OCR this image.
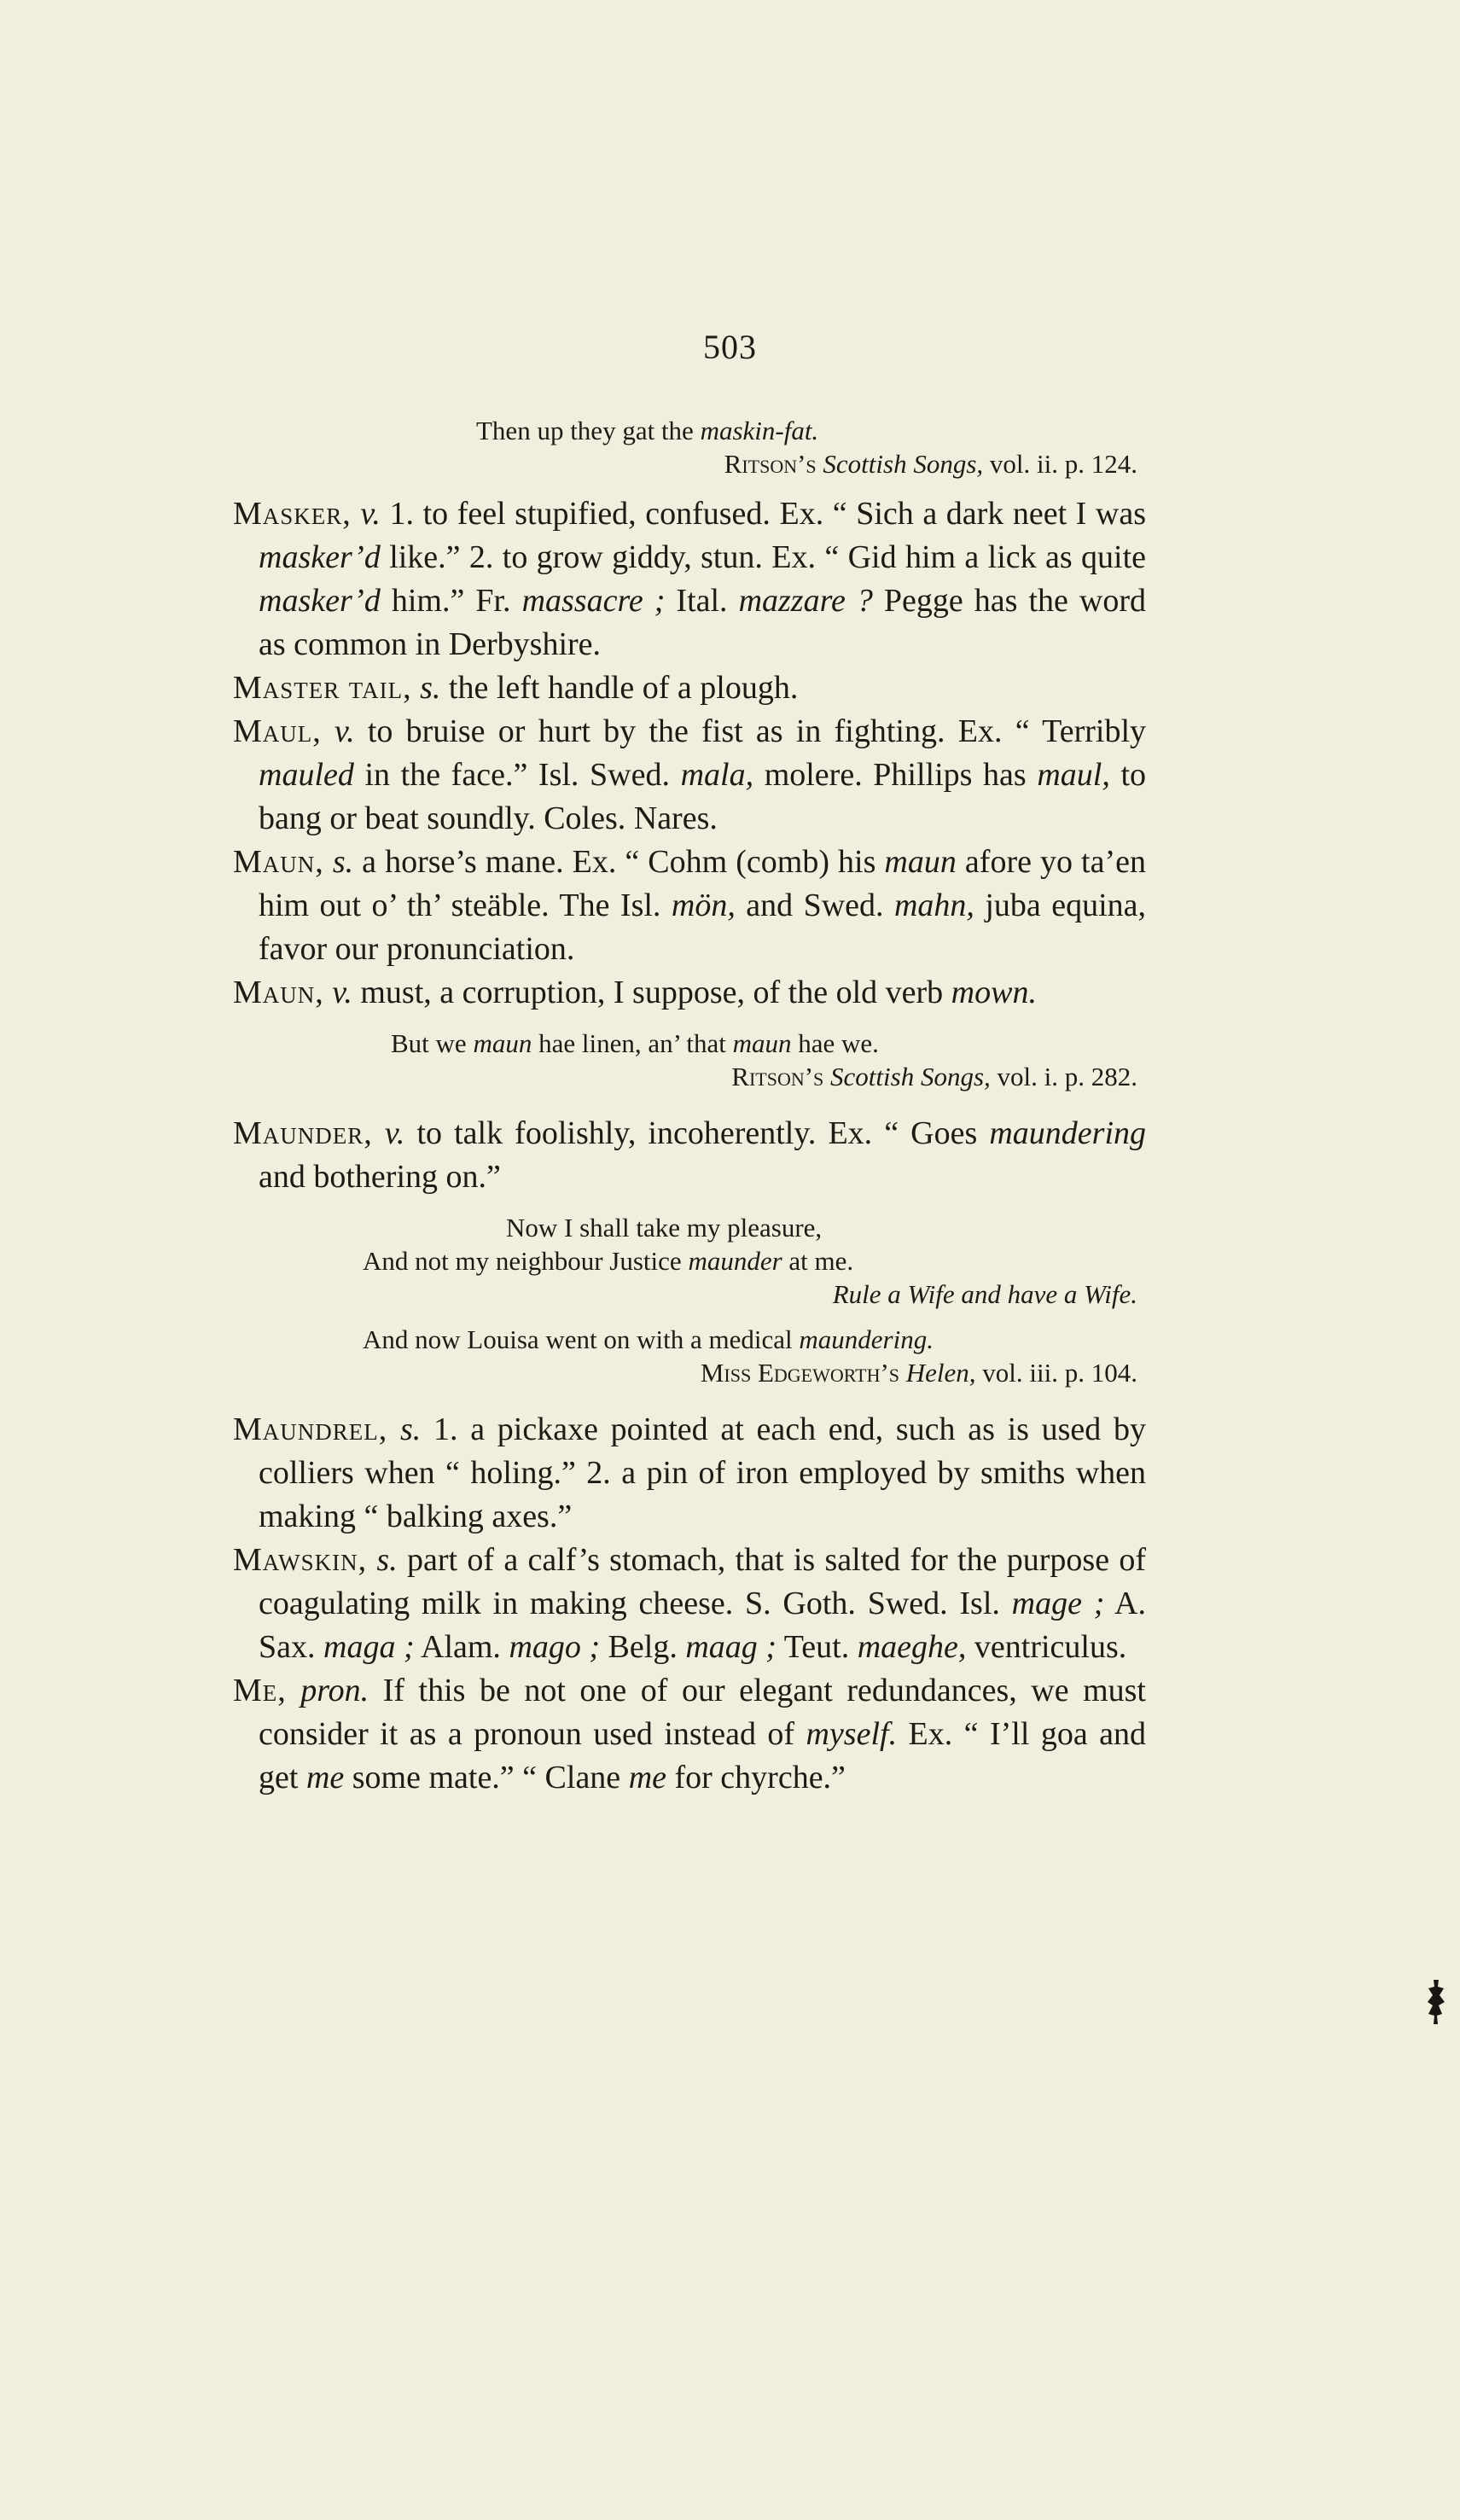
503
Then up they gat the maskin-fat.
Ritson’s Scottish Songs, vol. ii. p. 124.

Masker, v. 1. to feel stupified, confused. Ex. “ Sich a dark neet I was masker’d like.” 2. to grow giddy, stun. Ex. “ Gid him a lick as quite masker’d him.” Fr. massacre ; Ital. mazzare ? Pegge has the word as common in Derbyshire.

Master tail, s. the left handle of a plough.

Maul, v. to bruise or hurt by the fist as in fighting. Ex. “ Terribly mauled in the face.” Isl. Swed. mala, molere. Phillips has maul, to bang or beat soundly. Coles. Nares.

Maun, s. a horse’s mane. Ex. “ Cohm (comb) his maun afore yo ta’en him out o’ th’ steäble. The Isl. mön, and Swed. mahn, juba equina, favor our pronunciation.

Maun, v. must, a corruption, I suppose, of the old verb mown.

But we maun hae linen, an’ that maun hae we.
Ritson’s Scottish Songs, vol. i. p. 282.

Maunder, v. to talk foolishly, incoherently. Ex. “ Goes maundering and bothering on.”

Now I shall take my pleasure,
And not my neighbour Justice maunder at me.
Rule a Wife and have a Wife.
And now Louisa went on with a medical maundering.
Miss Edgeworth’s Helen, vol. iii. p. 104.

Maundrel, s. 1. a pickaxe pointed at each end, such as is used by colliers when “ holing.” 2. a pin of iron employed by smiths when making “ balking axes.”

Mawskin, s. part of a calf’s stomach, that is salted for the purpose of coagulating milk in making cheese. S. Goth. Swed. Isl. mage ; A. Sax. maga ; Alam. mago ; Belg. maag ; Teut. maeghe, ventriculus.

Me, pron. If this be not one of our elegant redundances, we must consider it as a pronoun used instead of myself. Ex. “ I’ll goa and get me some mate.” “ Clane me for chyrche.”
